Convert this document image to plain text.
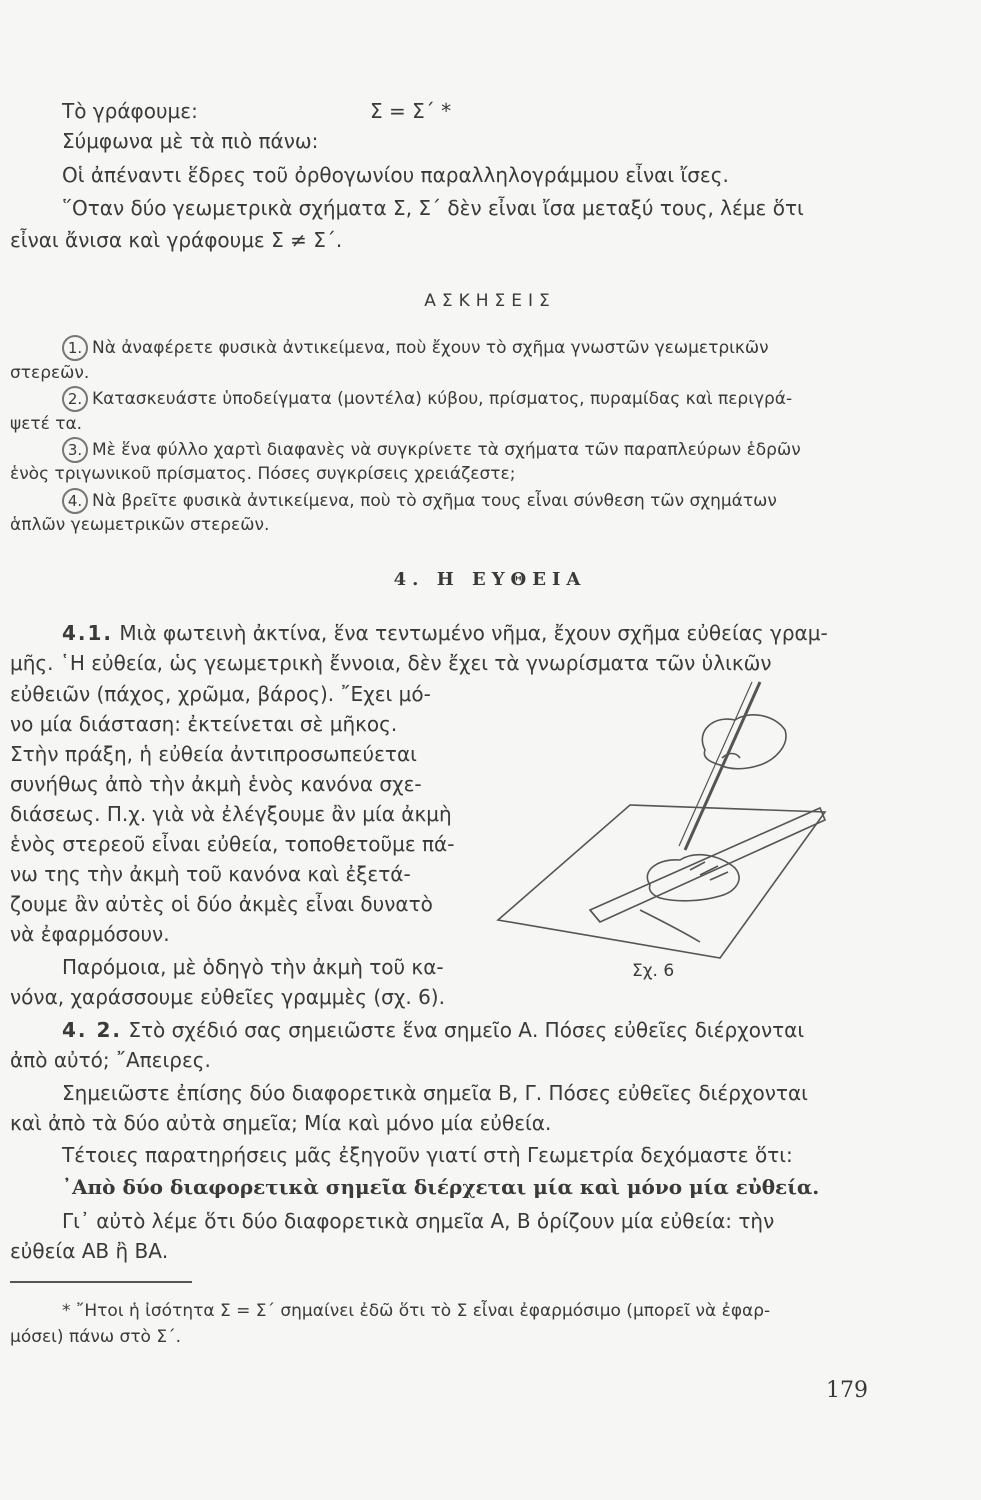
Τὸ γράφουμε:	Σ = Σ΄ *
Σύμφωνα μὲ τὰ πιὸ πάνω:
Οἱ ἀπέναντι ἕδρες τοῦ ὀρθογωνίου παραλληλογράμμου εἶναι ἴσες.
῞Οταν δύο γεωμετρικὰ σχήματα Σ, Σ΄ δὲν εἶναι ἴσα μεταξύ τους, λέμε ὅτι
εἶναι ἄνισα καὶ γράφουμε Σ ≠ Σ΄.
ΑΣΚΗΣΕΙΣ
1. Νὰ ἀναφέρετε φυσικὰ ἀντικείμενα, ποὺ ἔχουν τὸ σχῆμα γνωστῶν γεωμετρικῶν
στερεῶν.
2. Κατασκευάστε ὑποδείγματα (μοντέλα) κύβου, πρίσματος, πυραμίδας καὶ περιγρά-
ψετέ τα.
3. Μὲ ἕνα φύλλο χαρτὶ διαφανὲς νὰ συγκρίνετε τὰ σχήματα τῶν παραπλεύρων ἑδρῶν
ἑνὸς τριγωνικοῦ πρίσματος. Πόσες συγκρίσεις χρειάζεστε;
4. Νὰ βρεῖτε φυσικὰ ἀντικείμενα, ποὺ τὸ σχῆμα τους εἶναι σύνθεση τῶν σχημάτων
ἁπλῶν γεωμετρικῶν στερεῶν.
4. Η ΕΥΘΕΙΑ
4.1. Μιὰ φωτεινὴ ἀκτίνα, ἕνα τεντωμένο νῆμα, ἔχουν σχῆμα εὐθείας γραμ-
μῆς. ῾Η εὐθεία, ὡς γεωμετρικὴ ἔννοια, δὲν ἔχει τὰ γνωρίσματα τῶν ὑλικῶν
εὐθειῶν (πάχος, χρῶμα, βάρος). ῎Εχει μό-
νο μία διάσταση: ἐκτείνεται σὲ μῆκος.
Στὴν πράξη, ἡ εὐθεία ἀντιπροσωπεύεται
συνήθως ἀπὸ τὴν ἀκμὴ ἑνὸς κανόνα σχε-
διάσεως. Π.χ. γιὰ νὰ ἐλέγξουμε ἂν μία ἀκμὴ
ἑνὸς στερεοῦ εἶναι εὐθεία, τοποθετοῦμε πά-
νω της τὴν ἀκμὴ τοῦ κανόνα καὶ ἐξετά-
ζουμε ἂν αὐτὲς οἱ δύο ἀκμὲς εἶναι δυνατὸ
νὰ ἐφαρμόσουν.
Παρόμοια, μὲ ὁδηγὸ τὴν ἀκμὴ τοῦ κα-
νόνα, χαράσσουμε εὐθεῖες γραμμὲς (σχ. 6).
Σχ. 6
4. 2. Στὸ σχέδιό σας σημειῶστε ἕνα σημεῖο Α. Πόσες εὐθεῖες διέρχονται
ἀπὸ αὐτό; ῎Απειρες.
Σημειῶστε ἐπίσης δύο διαφορετικὰ σημεῖα Β, Γ. Πόσες εὐθεῖες διέρχονται
καὶ ἀπὸ τὰ δύο αὐτὰ σημεῖα; Μία καὶ μόνο μία εὐθεία.
Τέτοιες παρατηρήσεις μᾶς ἐξηγοῦν γιατί στὴ Γεωμετρία δεχόμαστε ὅτι:
᾿Απὸ δύο διαφορετικὰ σημεῖα διέρχεται μία καὶ μόνο μία εὐθεία.
Γι᾿ αὐτὸ λέμε ὅτι δύο διαφορετικὰ σημεῖα Α, Β ὁρίζουν μία εὐθεία: τὴν
εὐθεία ΑΒ ἢ ΒΑ.
* ῎Ητοι ἡ ἰσότητα Σ = Σ΄ σημαίνει ἐδῶ ὅτι τὸ Σ εἶναι ἐφαρμόσιμο (μπορεῖ νὰ ἐφαρ-
μόσει) πάνω στὸ Σ΄.
179
